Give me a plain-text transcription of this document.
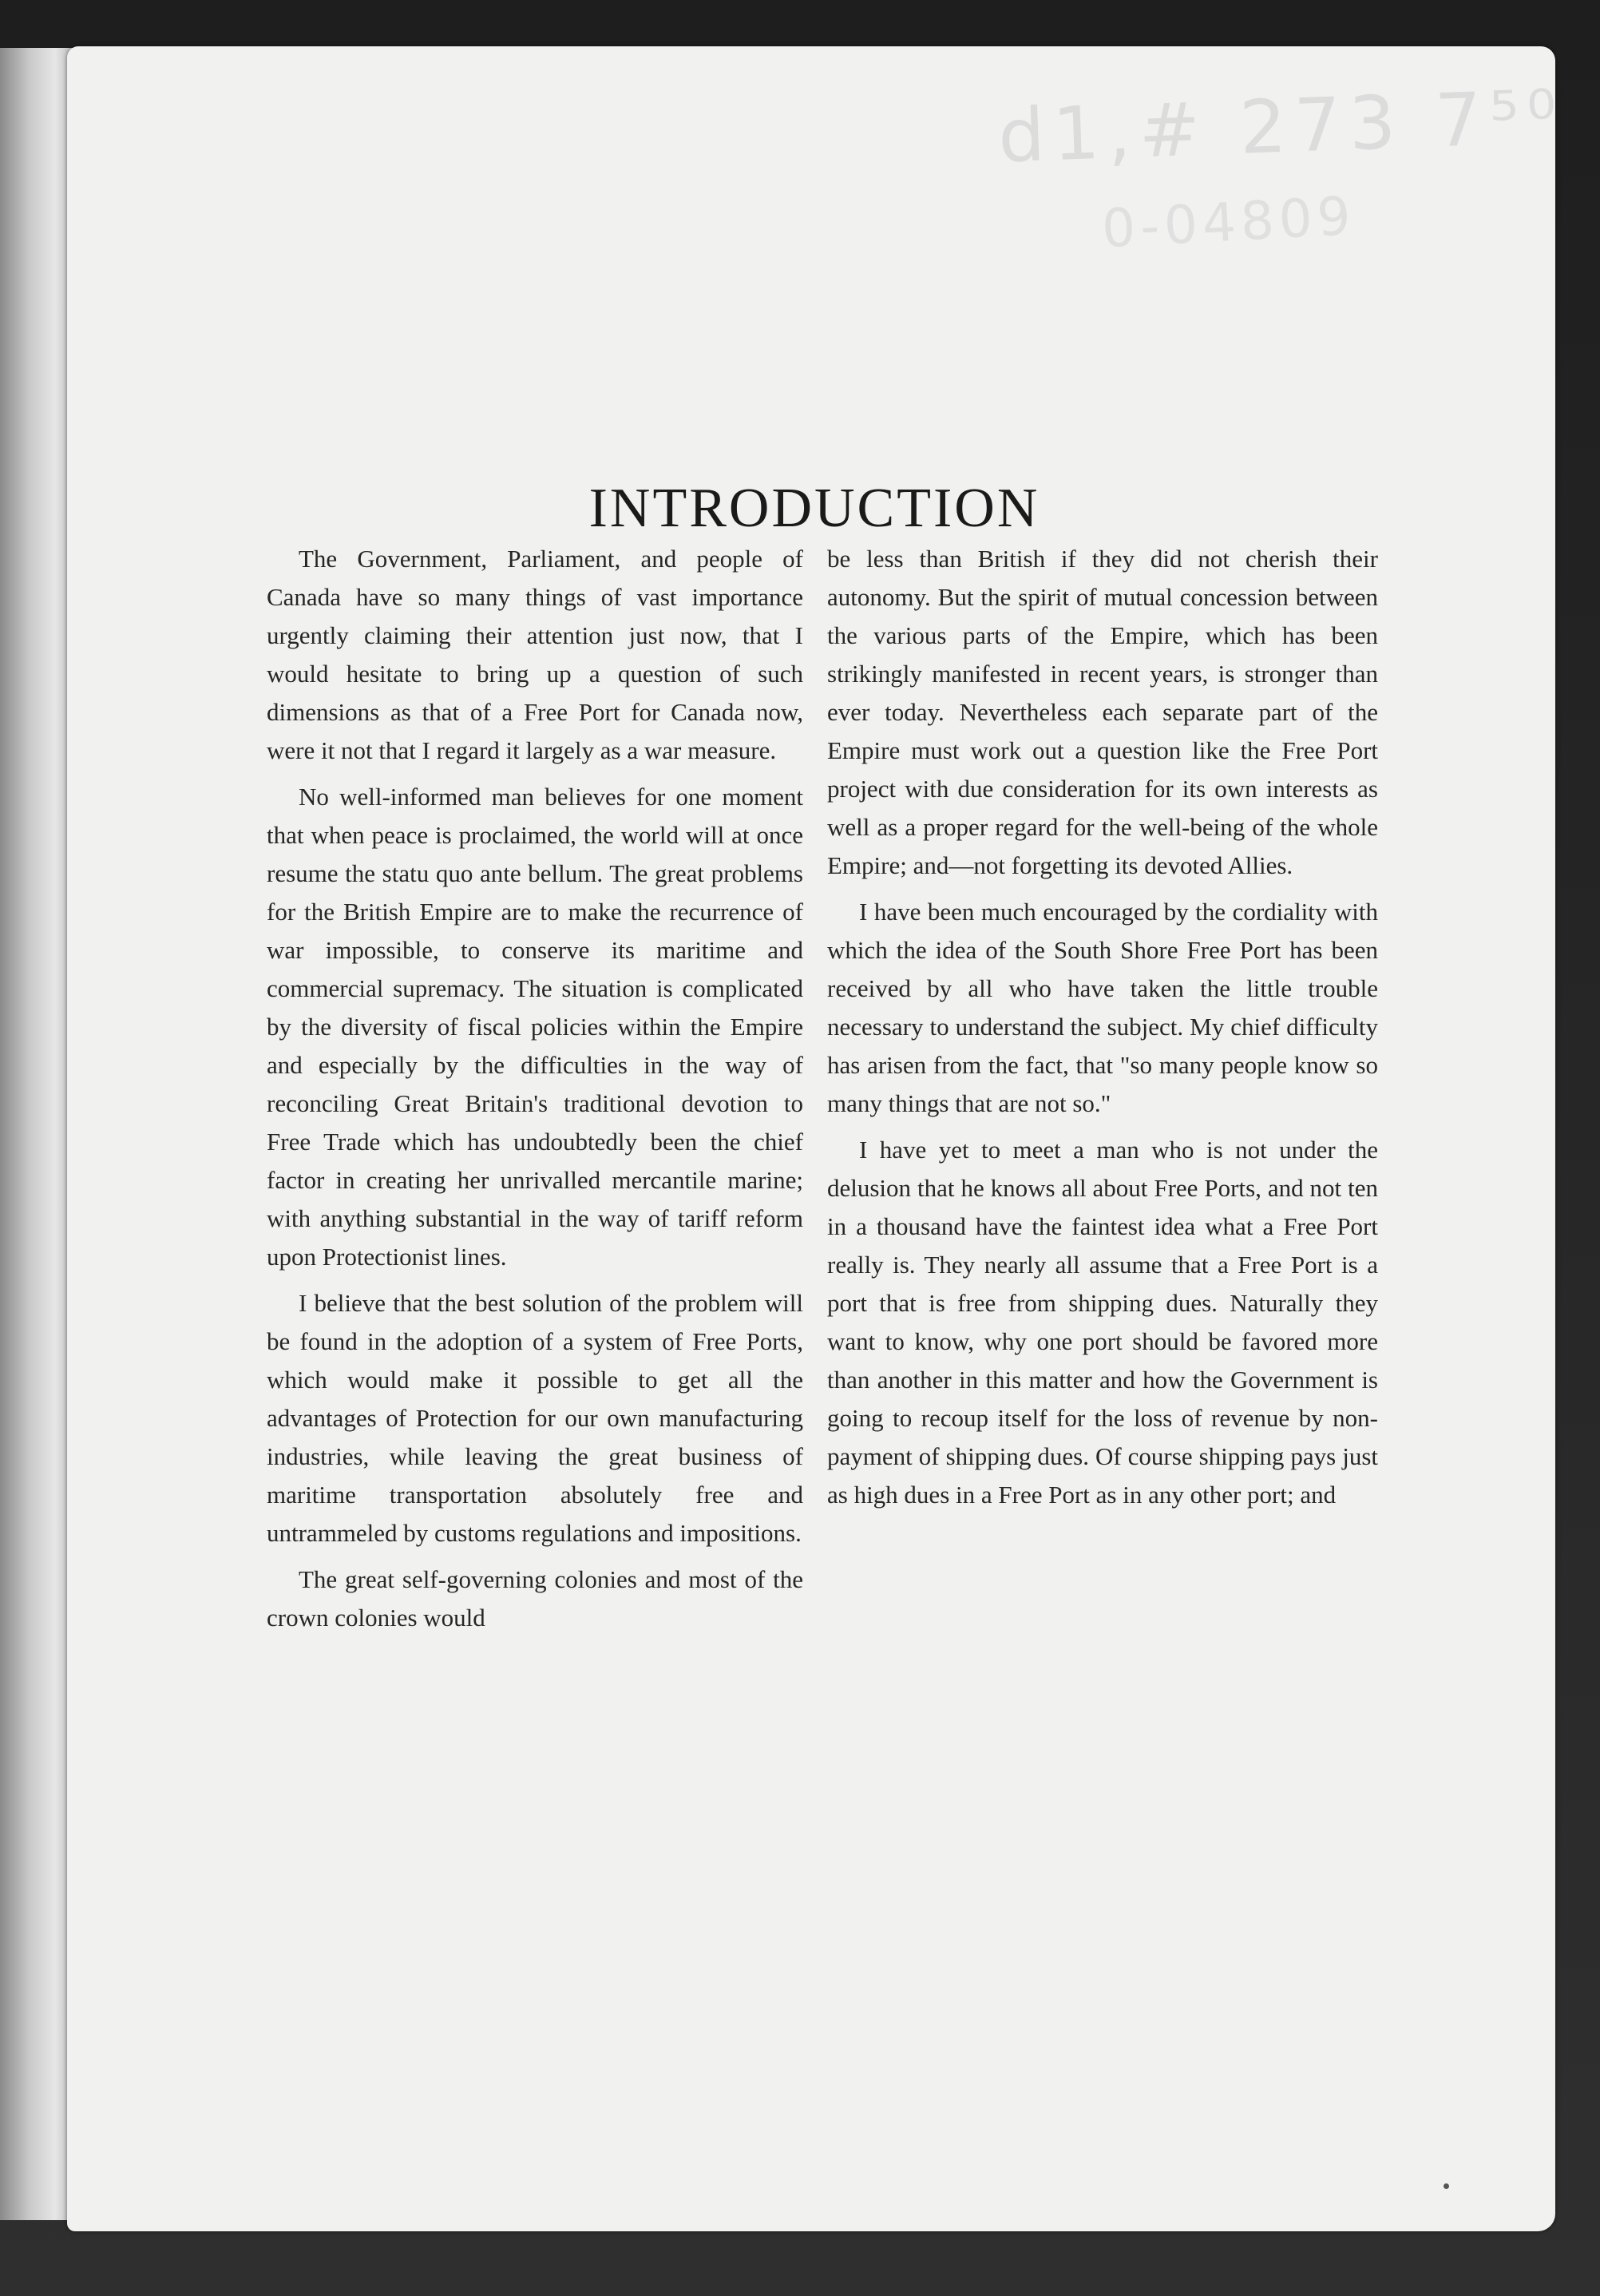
d1,# 273 7⁵⁰
0-04809
INTRODUCTION

The Government, Parliament, and people of Canada have so many things of vast importance urgently claiming their attention just now, that I would hesitate to bring up a question of such dimensions as that of a Free Port for Canada now, were it not that I regard it largely as a war measure.

No well-informed man believes for one moment that when peace is proclaimed, the world will at once resume the statu quo ante bellum. The great problems for the British Empire are to make the recurrence of war impossible, to conserve its maritime and commercial supremacy. The situation is complicated by the diversity of fiscal policies within the Empire and especially by the difficulties in the way of reconciling Great Britain's traditional devotion to Free Trade which has undoubtedly been the chief factor in creating her unrivalled mercantile marine; with anything substantial in the way of tariff reform upon Protectionist lines.

I believe that the best solution of the problem will be found in the adoption of a system of Free Ports, which would make it possible to get all the advantages of Protection for our own manufacturing industries, while leaving the great business of maritime transportation absolutely free and untrammeled by customs regulations and impositions.

The great self-governing colonies and most of the crown colonies would

be less than British if they did not cherish their autonomy. But the spirit of mutual concession between the various parts of the Empire, which has been strikingly manifested in recent years, is stronger than ever today. Nevertheless each separate part of the Empire must work out a question like the Free Port project with due consideration for its own interests as well as a proper regard for the well-being of the whole Empire; and—not forgetting its devoted Allies.

I have been much encouraged by the cordiality with which the idea of the South Shore Free Port has been received by all who have taken the little trouble necessary to understand the subject. My chief difficulty has arisen from the fact, that "so many people know so many things that are not so."

I have yet to meet a man who is not under the delusion that he knows all about Free Ports, and not ten in a thousand have the faintest idea what a Free Port really is. They nearly all assume that a Free Port is a port that is free from shipping dues. Naturally they want to know, why one port should be favored more than another in this matter and how the Government is going to recoup itself for the loss of revenue by nonpayment of shipping dues. Of course shipping pays just as high dues in a Free Port as in any other port; and
